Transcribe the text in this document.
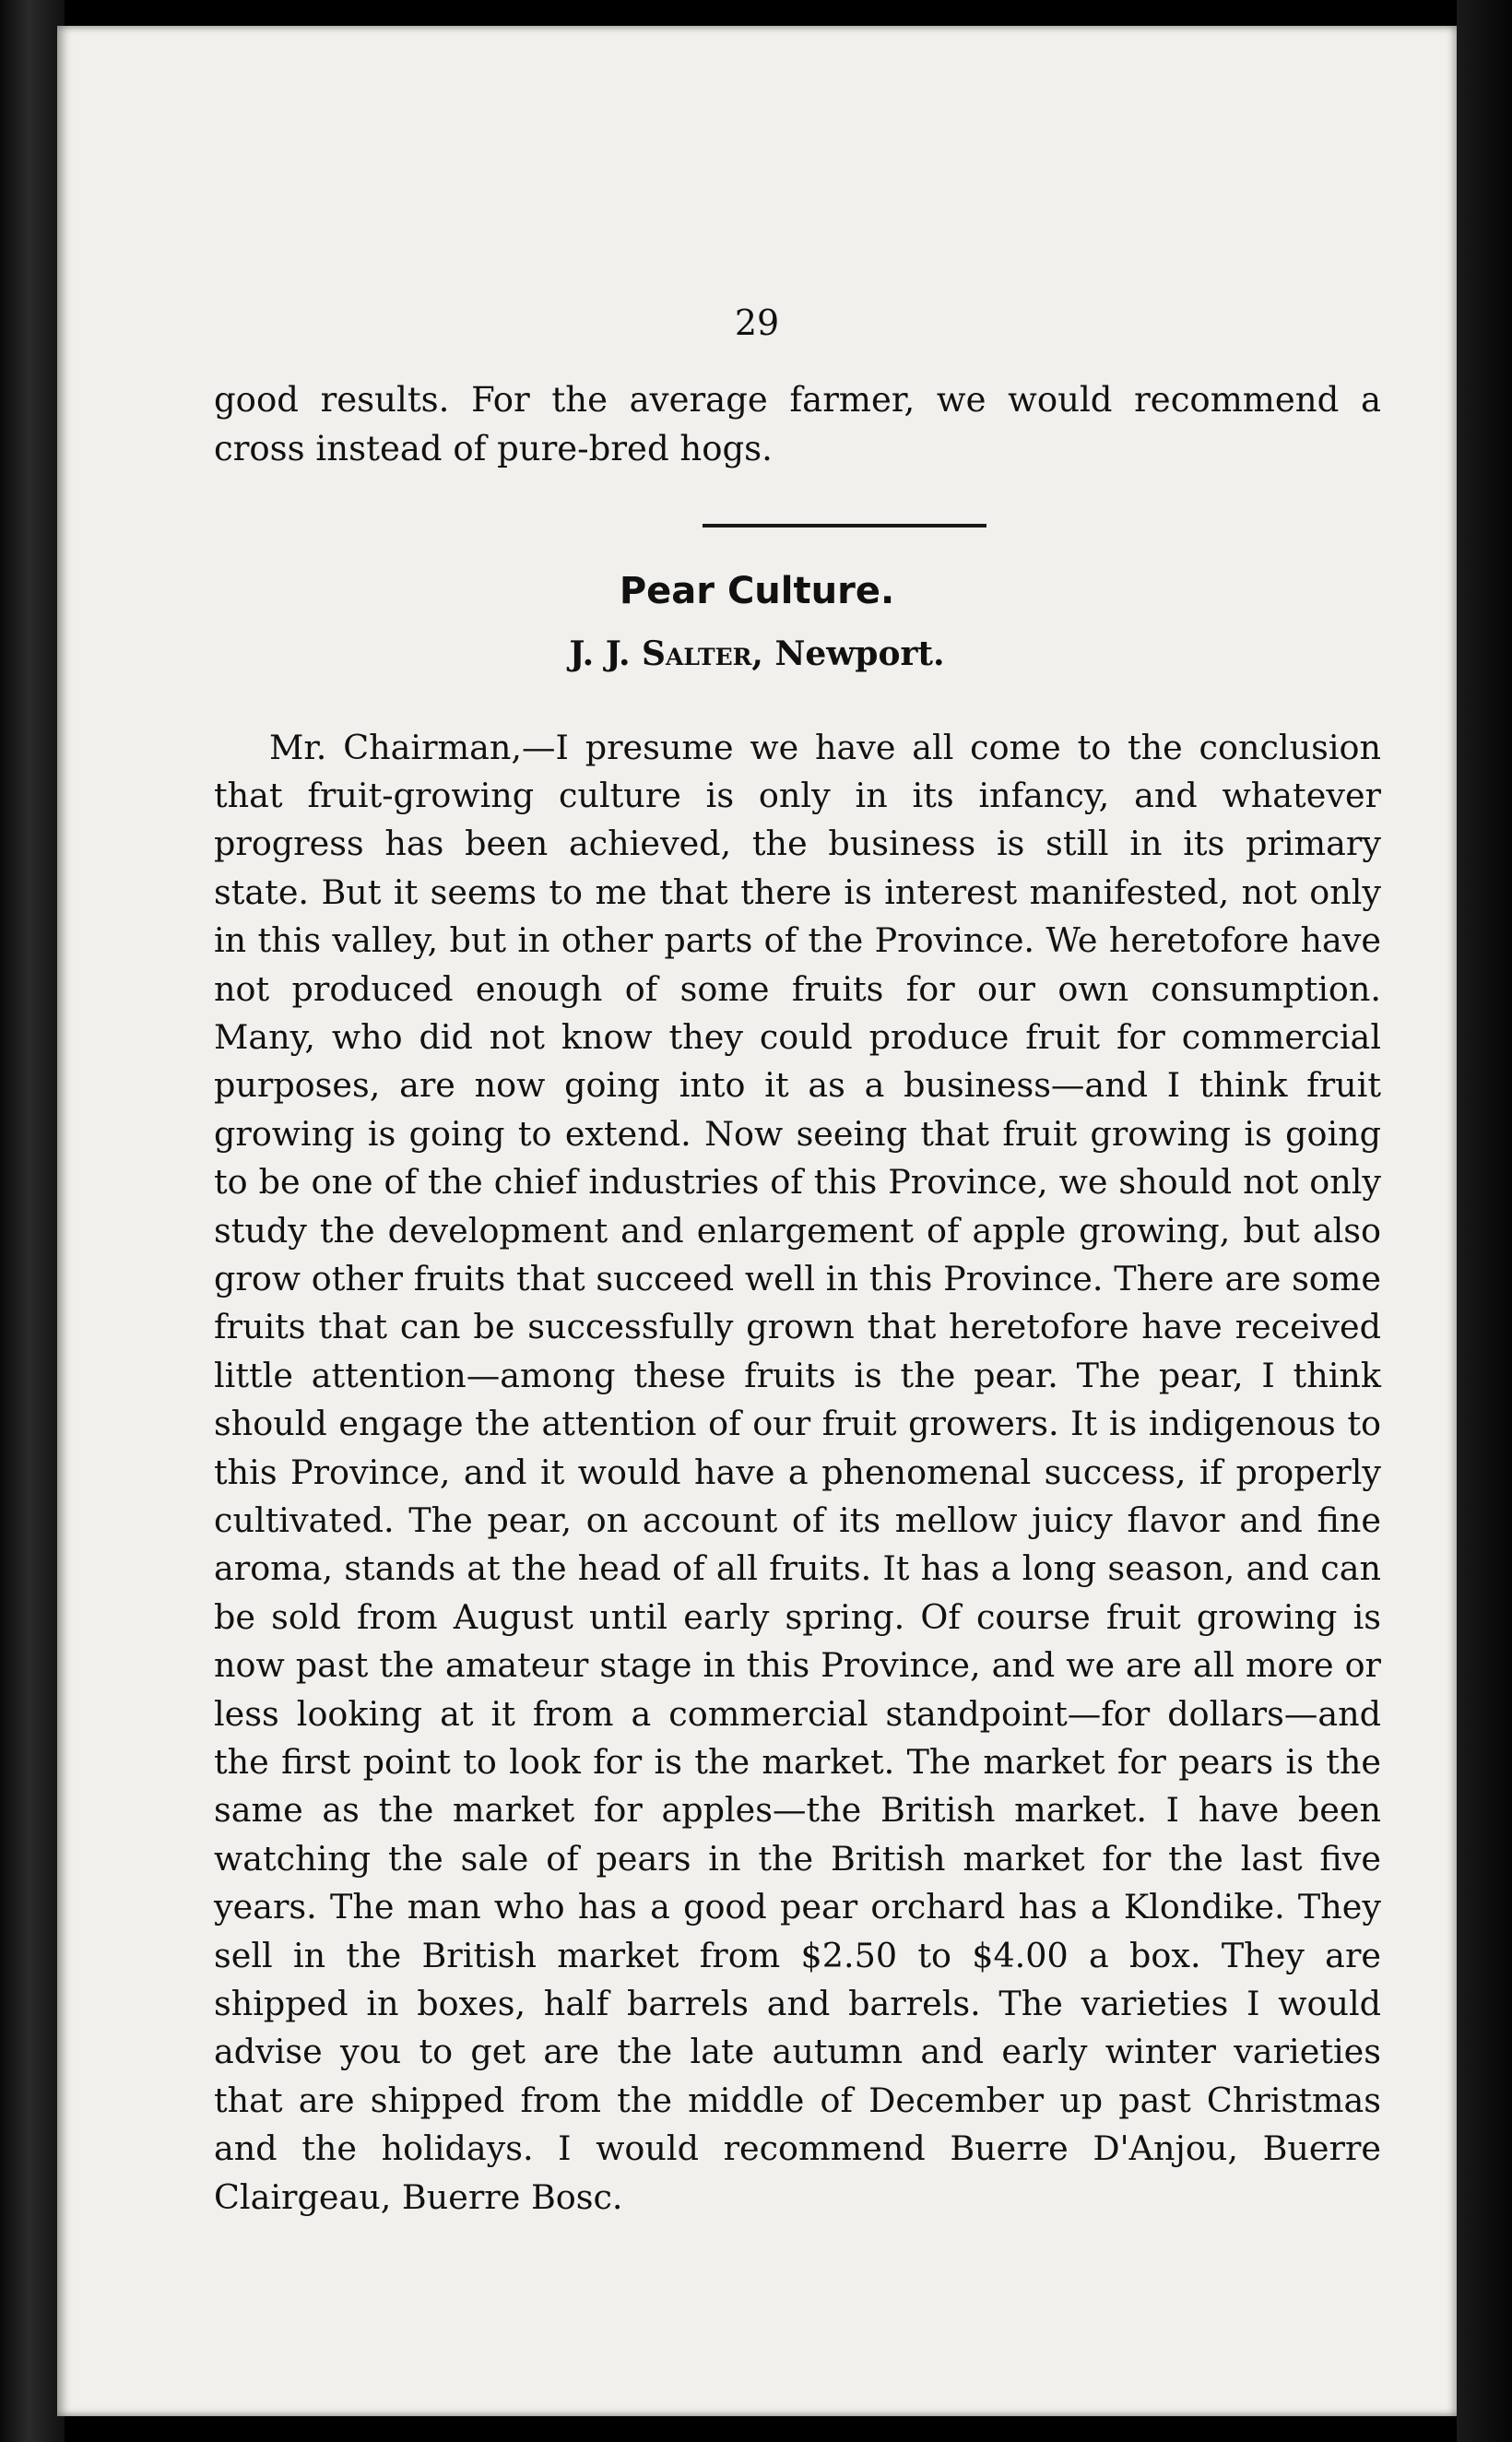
29

good results. For the average farmer, we would recommend a cross instead of pure-bred hogs.

Pear Culture.
J. J. Salter, Newport.

Mr. Chairman,—I presume we have all come to the conclusion that fruit-growing culture is only in its infancy, and whatever progress has been achieved, the business is still in its primary state. But it seems to me that there is interest manifested, not only in this valley, but in other parts of the Province. We heretofore have not produced enough of some fruits for our own consumption. Many, who did not know they could produce fruit for commercial purposes, are now going into it as a business—and I think fruit growing is going to extend. Now seeing that fruit growing is going to be one of the chief industries of this Province, we should not only study the development and enlargement of apple growing, but also grow other fruits that succeed well in this Province. There are some fruits that can be successfully grown that heretofore have received little attention—among these fruits is the pear. The pear, I think should engage the attention of our fruit growers. It is indigenous to this Province, and it would have a phenomenal success, if properly cultivated. The pear, on account of its mellow juicy flavor and fine aroma, stands at the head of all fruits. It has a long season, and can be sold from August until early spring. Of course fruit growing is now past the amateur stage in this Province, and we are all more or less looking at it from a commercial standpoint—for dollars—and the first point to look for is the market. The market for pears is the same as the market for apples—the British market. I have been watching the sale of pears in the British market for the last five years. The man who has a good pear orchard has a Klondike. They sell in the British market from $2.50 to $4.00 a box. They are shipped in boxes, half barrels and barrels. The varieties I would advise you to get are the late autumn and early winter varieties that are shipped from the middle of December up past Christmas and the holidays. I would recommend Buerre D'Anjou, Buerre Clairgeau, Buerre Bosc.
